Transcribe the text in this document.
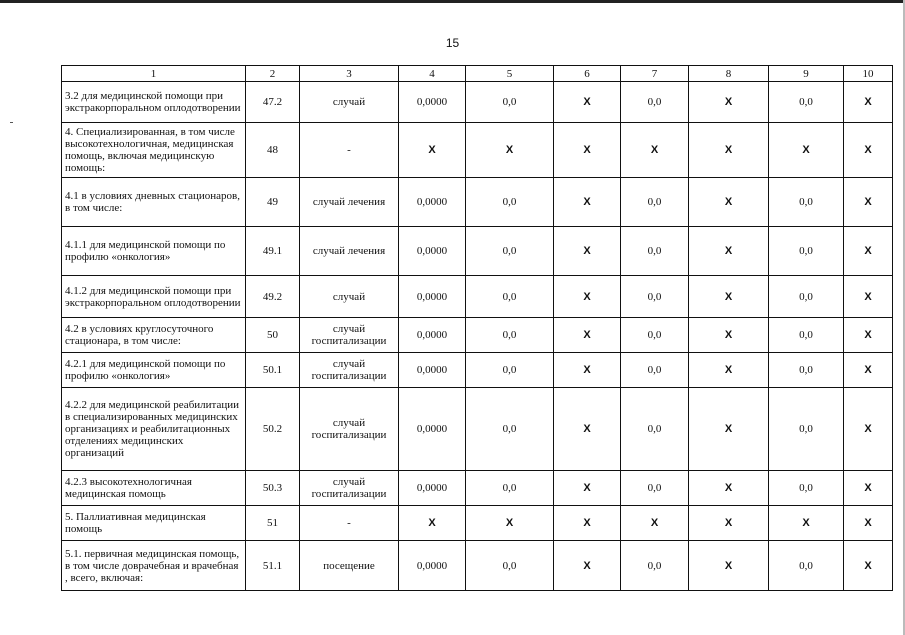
15
1	2	3	4	5	6	7	8	9	10
3.2 для медицинской помощи при экстракорпоральном оплодотворении	47.2	случай	0,0000	0,0	X	0,0	X	0,0	X
4. Специализированная, в том числе высокотехнологичная, медицинская помощь, включая медицинскую помощь:	48	-	X	X	X	X	X	X	X
4.1 в условиях дневных стационаров, в том числе:	49	случай лечения	0,0000	0,0	X	0,0	X	0,0	X
4.1.1 для медицинской помощи по профилю «онкология»	49.1	случай лечения	0,0000	0,0	X	0,0	X	0,0	X
4.1.2 для медицинской помощи при экстракорпоральном оплодотворении	49.2	случай	0,0000	0,0	X	0,0	X	0,0	X
4.2 в условиях круглосуточного стационара, в том числе:	50	случай госпитализации	0,0000	0,0	X	0,0	X	0,0	X
4.2.1 для медицинской помощи по профилю «онкология»	50.1	случай госпитализации	0,0000	0,0	X	0,0	X	0,0	X
4.2.2 для медицинской реабилитации в специализированных медицинских организациях и реабилитационных отделениях медицинских организаций	50.2	случай госпитализации	0,0000	0,0	X	0,0	X	0,0	X
4.2.3 высокотехнологичная медицинская помощь	50.3	случай госпитализации	0,0000	0,0	X	0,0	X	0,0	X
5. Паллиативная медицинская помощь	51	-	X	X	X	X	X	X	X
5.1. первичная медицинская помощь, в том числе доврачебная и врачебная , всего, включая:	51.1	посещение	0,0000	0,0	X	0,0	X	0,0	X
